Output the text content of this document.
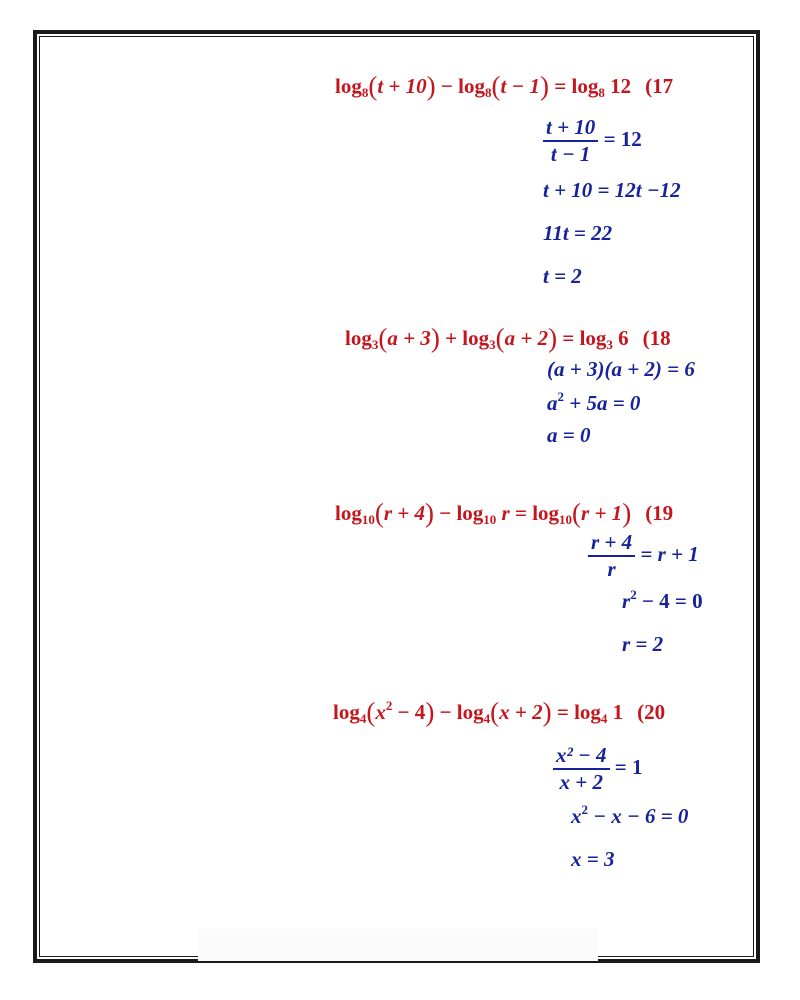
$\log_8(t + 10) - \log_8(t - 1) = \log_8 12$ (17
$\frac{t + 10}{t - 1} = 12$
t + 10 = 12t −12
11t = 22
t = 2
$\log_3(a + 3) + \log_3(a + 2) = \log_3 6$ (18
(a + 3)(a + 2) = 6
$a^2 + 5a = 0$
a = 0
$\log_{10}(r + 4) - \log_{10} r = \log_{10}(r + 1)$ (19
$\frac{r + 4}{r} = r + 1$
$r^2 - 4 = 0$
r = 2
$\log_4(x^2 - 4) - \log_4(x + 2) = \log_4 1$ (20
$\frac{\text{x² − 4}}{x + 2} = 1$
$x^2 - x - 6 = 0$
x = 3
